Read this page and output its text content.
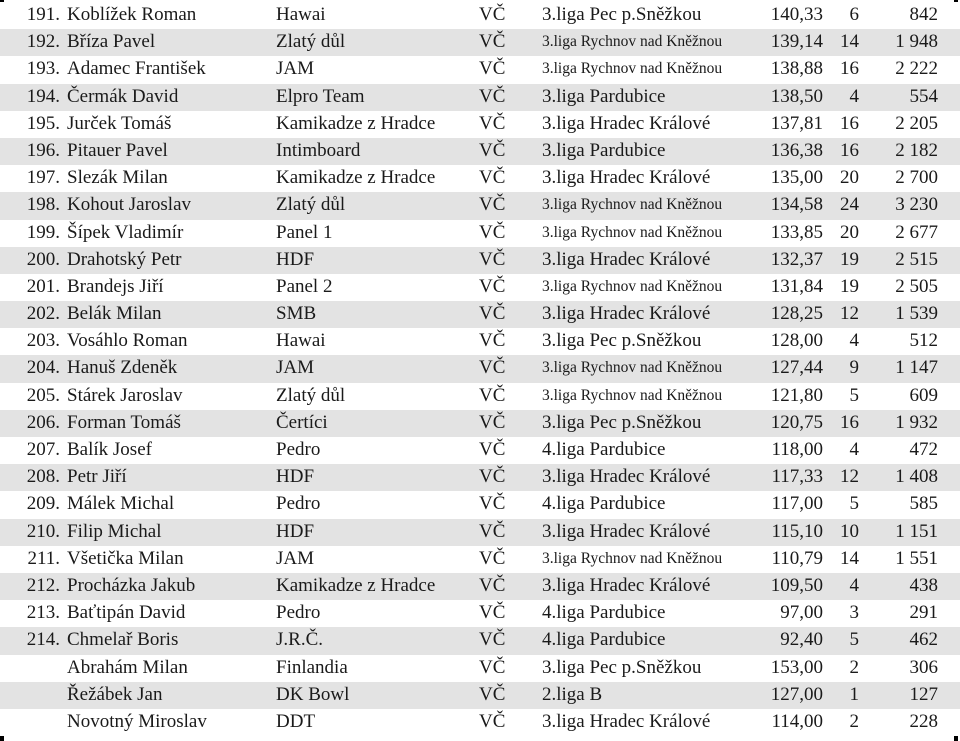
191. Koblížek Roman	Hawai	VČ 3.liga Pec p.Sněžkou	140,33	6	842
192. Bříza Pavel	Zlatý důl	VČ 3.liga Rychnov nad Kněžnou	139,14 14	1 948
193. Adamec František	JAM	VČ 3.liga Rychnov nad Kněžnou	138,88 16	2 222
194. Čermák David	Elpro Team	VČ 3.liga Pardubice	138,50	4	554
195. Jurček Tomáš	Kamikadze z Hradce VČ 3.liga Hradec Králové	137,81 16	2 205
196. Pitauer Pavel	Intimboard	VČ 3.liga Pardubice	136,38 16	2 182
197. Slezák Milan	Kamikadze z Hradce VČ 3.liga Hradec Králové	135,00 20	2 700
198. Kohout Jaroslav	Zlatý důl	VČ 3.liga Rychnov nad Kněžnou	134,58 24	3 230
199. Šípek Vladimír	Panel 1	VČ 3.liga Rychnov nad Kněžnou	133,85 20	2 677
200. Drahotský Petr	HDF	VČ 3.liga Hradec Králové	132,37 19	2 515
201. Brandejs Jiří	Panel 2	VČ 3.liga Rychnov nad Kněžnou	131,84 19	2 505
202. Belák Milan	SMB	VČ 3.liga Hradec Králové	128,25 12	1 539
203. Vosáhlo Roman	Hawai	VČ 3.liga Pec p.Sněžkou	128,00	4	512
204. Hanuš Zdeněk	JAM	VČ 3.liga Rychnov nad Kněžnou	127,44	9	1 147
205. Stárek Jaroslav	Zlatý důl	VČ 3.liga Rychnov nad Kněžnou	121,80	5	609
206. Forman Tomáš	Čertíci	VČ 3.liga Pec p.Sněžkou	120,75 16	1 932
207. Balík Josef	Pedro	VČ 4.liga Pardubice	118,00	4	472
208. Petr Jiří	HDF	VČ 3.liga Hradec Králové	117,33 12	1 408
209. Málek Michal	Pedro	VČ 4.liga Pardubice	117,00	5	585
210. Filip Michal	HDF	VČ 3.liga Hradec Králové	115,10 10	1 151
211. Všetička Milan	JAM	VČ 3.liga Rychnov nad Kněžnou	110,79 14	1 551
212. Procházka Jakub	Kamikadze z Hradce VČ 3.liga Hradec Králové	109,50	4	438
213. Baťtipán David	Pedro	VČ 4.liga Pardubice	97,00	3	291
214. Chmelař Boris	J.R.Č.	VČ 4.liga Pardubice	92,40	5	462
Abrahám Milan	Finlandia	VČ 3.liga Pec p.Sněžkou	153,00	2	306
Řežábek Jan	DK Bowl	VČ 2.liga B	127,00	1	127
Novotný Miroslav	DDT	VČ 3.liga Hradec Králové	114,00	2	228
